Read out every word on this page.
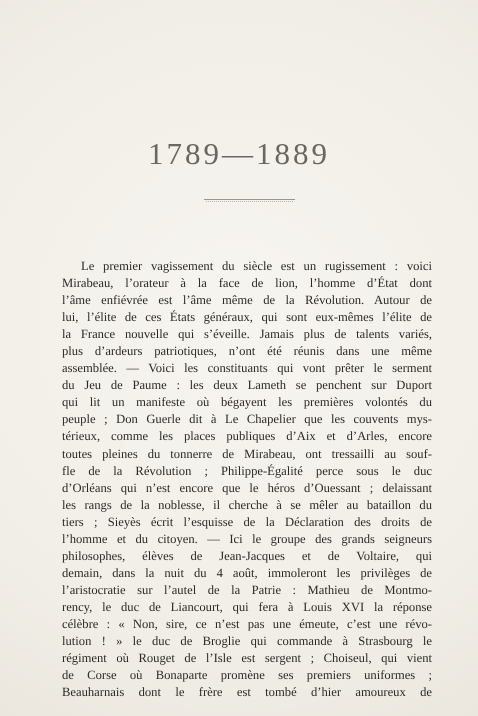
1789—1889
Le premier vagissement du siècle est un rugissement : voici
Mirabeau, l’orateur à la face de lion, l’homme d’État dont
l’âme enfiévrée est l’âme même de la Révolution. Autour de
lui, l’élite de ces États généraux, qui sont eux-mêmes l’élite de
la France nouvelle qui s’éveille. Jamais plus de talents variés,
plus d’ardeurs patriotiques, n’ont été réunis dans une même
assemblée. — Voici les constituants qui vont prêter le serment
du Jeu de Paume : les deux Lameth se penchent sur Duport
qui lit un manifeste où bégayent les premières volontés du
peuple ; Don Guerle dit à Le Chapelier que les couvents mys-
térieux, comme les places publiques d’Aix et d’Arles, encore
toutes pleines du tonnerre de Mirabeau, ont tressailli au souf-
fle de la Révolution ; Philippe-Égalité perce sous le duc
d’Orléans qui n’est encore que le héros d’Ouessant ; delaissant
les rangs de la noblesse, il cherche à se mêler au bataillon du
tiers ; Sieyès écrit l’esquisse de la Déclaration des droits de
l’homme et du citoyen. — Ici le groupe des grands seigneurs
philosophes, élèves de Jean-Jacques et de Voltaire, qui
demain, dans la nuit du 4 août, immoleront les privilèges de
l’aristocratie sur l’autel de la Patrie : Mathieu de Montmo-
rency, le duc de Liancourt, qui fera à Louis XVI la réponse
célèbre : « Non, sire, ce n’est pas une émeute, c’est une révo-
lution ! » le duc de Broglie qui commande à Strasbourg le
régiment où Rouget de l’Isle est sergent ; Choiseul, qui vient
de Corse où Bonaparte promène ses premiers uniformes ;
Beauharnais dont le frère est tombé d’hier amoureux de
